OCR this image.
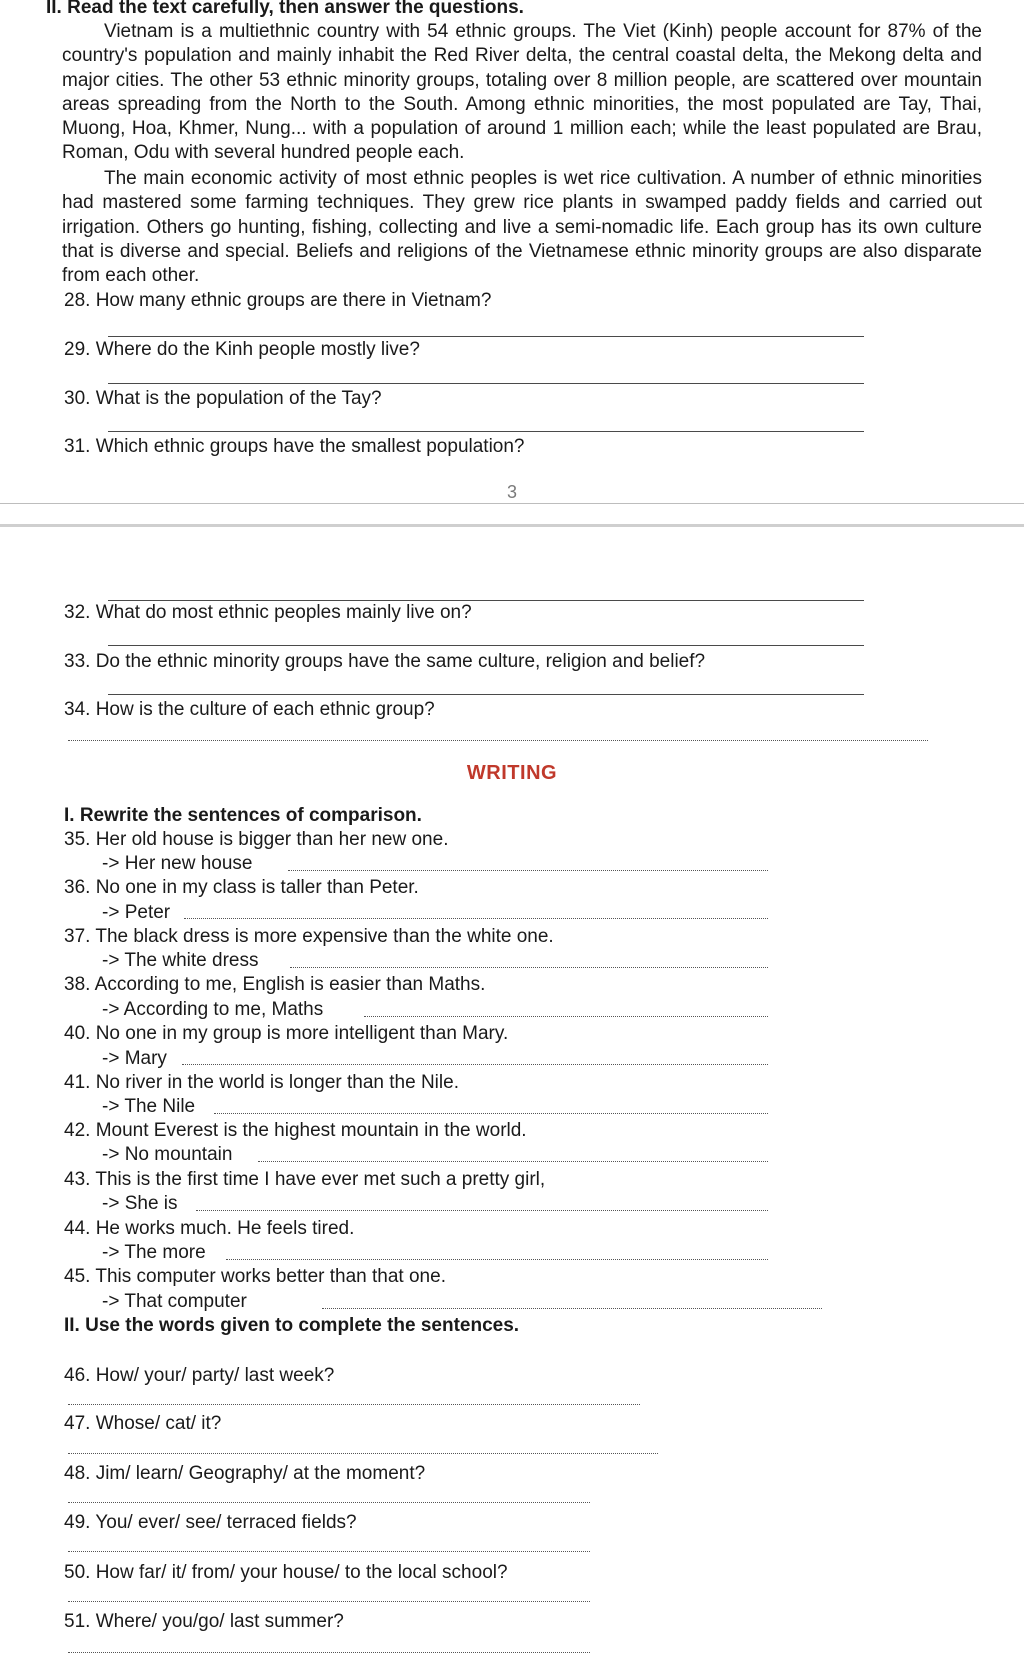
II. Read the text carefully, then answer the questions.
Vietnam is a multiethnic country with 54 ethnic groups. The Viet (Kinh) people account for 87% of the country's population and mainly inhabit the Red River delta, the central coastal delta, the Mekong delta and major cities. The other 53 ethnic minority groups, totaling over 8 million people, are scattered over mountain areas spreading from the North to the South. Among ethnic minorities, the most populated are Tay, Thai, Muong, Hoa, Khmer, Nung... with a population of around 1 million each; while the least populated are Brau, Roman, Odu with several hundred people each.
The main economic activity of most ethnic peoples is wet rice cultivation. A number of ethnic minorities had mastered some farming techniques. They grew rice plants in swamped paddy fields and carried out irrigation. Others go hunting, fishing, collecting and live a semi-nomadic life. Each group has its own culture that is diverse and special. Beliefs and religions of the Vietnamese ethnic minority groups are also disparate from each other.
28. How many ethnic groups are there in Vietnam?
29. Where do the Kinh people mostly live?
30. What is the population of the Tay?
31. Which ethnic groups have the smallest population?
3
32. What do most ethnic peoples mainly live on?
33. Do the ethnic minority groups have the same culture, religion and belief?
34. How is the culture of each ethnic group?
WRITING
I. Rewrite the sentences of comparison.
35. Her old house is bigger than her new one.
-> Her new house
36. No one in my class is taller than Peter.
-> Peter
37. The black dress is more expensive than the white one.
-> The white dress
38. According to me, English is easier than Maths.
-> According to me, Maths
40. No one in my group is more intelligent than Mary.
-> Mary
41. No river in the world is longer than the Nile.
-> The Nile
42. Mount Everest is the highest mountain in the world.
-> No mountain
43. This is the first time I have ever met such a pretty girl,
-> She is
44. He works much. He feels tired.
-> The more
45. This computer works better than that one.
-> That computer
II. Use the words given to complete the sentences.
46. How/ your/ party/ last week?
47. Whose/ cat/ it?
48. Jim/ learn/ Geography/ at the moment?
49. You/ ever/ see/ terraced fields?
50. How far/ it/ from/ your house/ to the local school?
51. Where/ you/go/ last summer?
